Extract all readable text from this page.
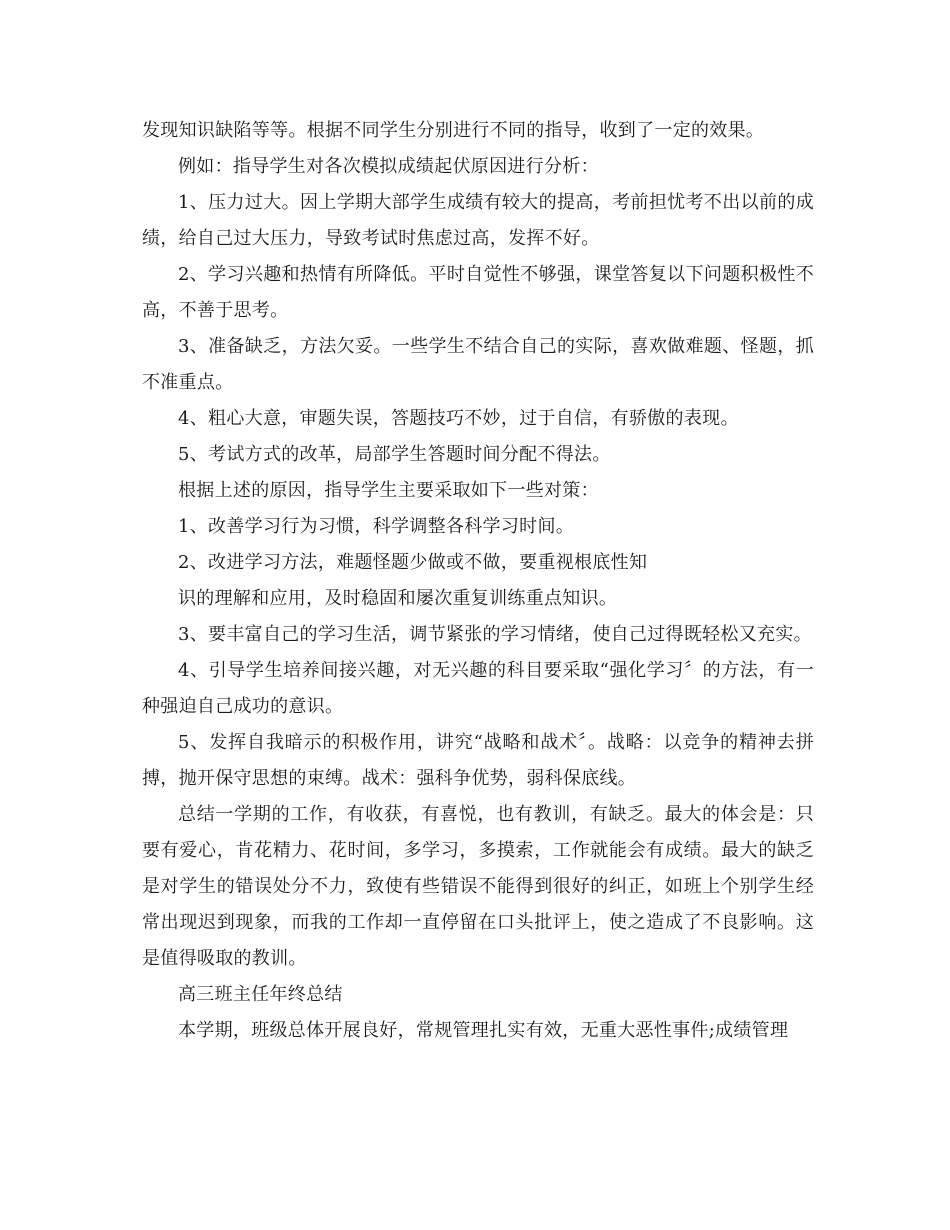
发现知识缺陷等等。根据不同学生分别进行不同的指导，收到了一定的效果。

例如：指导学生对各次模拟成绩起伏原因进行分析：

1、压力过大。因上学期大部学生成绩有较大的提高，考前担忧考不出以前的成绩，给自己过大压力，导致考试时焦虑过高，发挥不好。

2、学习兴趣和热情有所降低。平时自觉性不够强，课堂答复以下问题积极性不高，不善于思考。

3、准备缺乏，方法欠妥。一些学生不结合自己的实际，喜欢做难题、怪题，抓不准重点。

4、粗心大意，审题失误，答题技巧不妙，过于自信，有骄傲的表现。

5、考试方式的改革，局部学生答题时间分配不得法。

根据上述的原因，指导学生主要采取如下一些对策：

1、改善学习行为习惯，科学调整各科学习时间。

2、改进学习方法，难题怪题少做或不做，要重视根底性知

识的理解和应用，及时稳固和屡次重复训练重点知识。

3、要丰富自己的学习生活，调节紧张的学习情绪，使自己过得既轻松又充实。

4、引导学生培养间接兴趣，对无兴趣的科目要采取“强化学习〞的方法，有一种强迫自己成功的意识。

5、发挥自我暗示的积极作用，讲究“战略和战术〞。战略：以竞争的精神去拼搏，抛开保守思想的束缚。战术：强科争优势，弱科保底线。

总结一学期的工作，有收获，有喜悦，也有教训，有缺乏。最大的体会是：只要有爱心，肯花精力、花时间，多学习，多摸索，工作就能会有成绩。最大的缺乏是对学生的错误处分不力，致使有些错误不能得到很好的纠正，如班上个别学生经常出现迟到现象，而我的工作却一直停留在口头批评上，使之造成了不良影响。这是值得吸取的教训。

高三班主任年终总结

本学期，班级总体开展良好，常规管理扎实有效，无重大恶性事件;成绩管理
